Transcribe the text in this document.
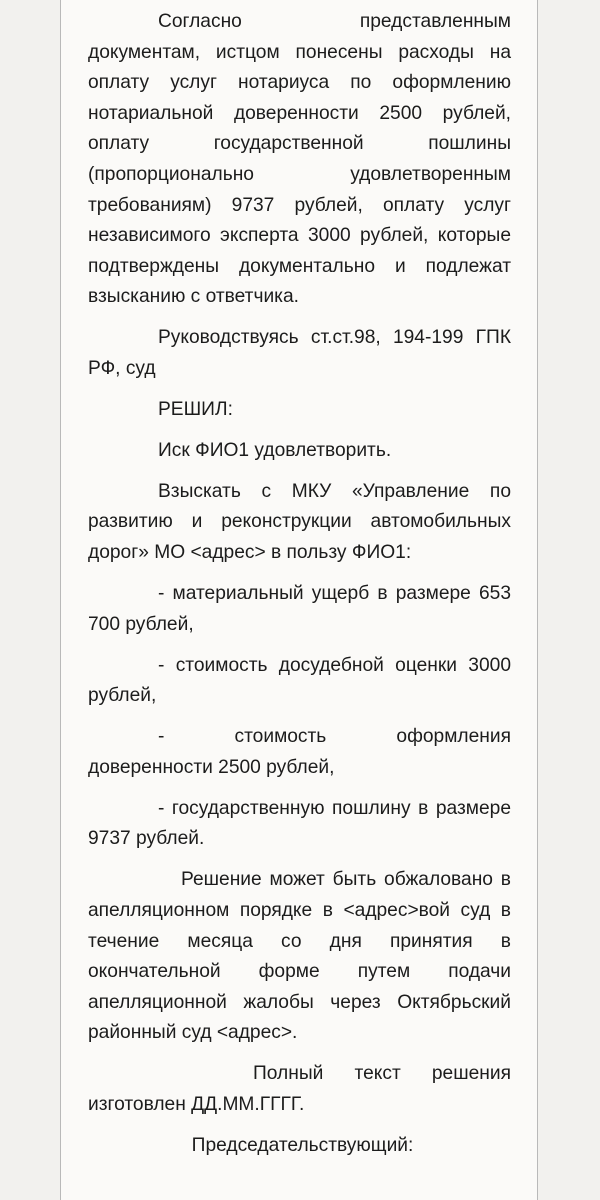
Согласно представленным документам, истцом понесены расходы на оплату услуг нотариуса по оформлению нотариальной доверенности 2500 рублей, оплату государственной пошлины (пропорционально удовлетворенным требованиям) 9737 рублей, оплату услуг независимого эксперта 3000 рублей, которые подтверждены документально и подлежат взысканию с ответчика.

Руководствуясь ст.ст.98, 194-199 ГПК РФ, суд

РЕШИЛ:

Иск ФИО1 удовлетворить.

Взыскать с МКУ «Управление по развитию и реконструкции автомобильных дорог» МО <адрес> в пользу ФИО1:

- материальный ущерб в размере 653 700 рублей,

- стоимость досудебной оценки 3000 рублей,

- стоимость оформления доверенности 2500 рублей,

- государственную пошлину в размере 9737 рублей.

Решение может быть обжаловано в апелляционном порядке в <адрес>вой суд в течение месяца со дня принятия в окончательной форме путем подачи апелляционной жалобы через Октябрьский районный суд <адрес>.

Полный текст решения изготовлен ДД.ММ.ГГГГ.

Председательствующий:
